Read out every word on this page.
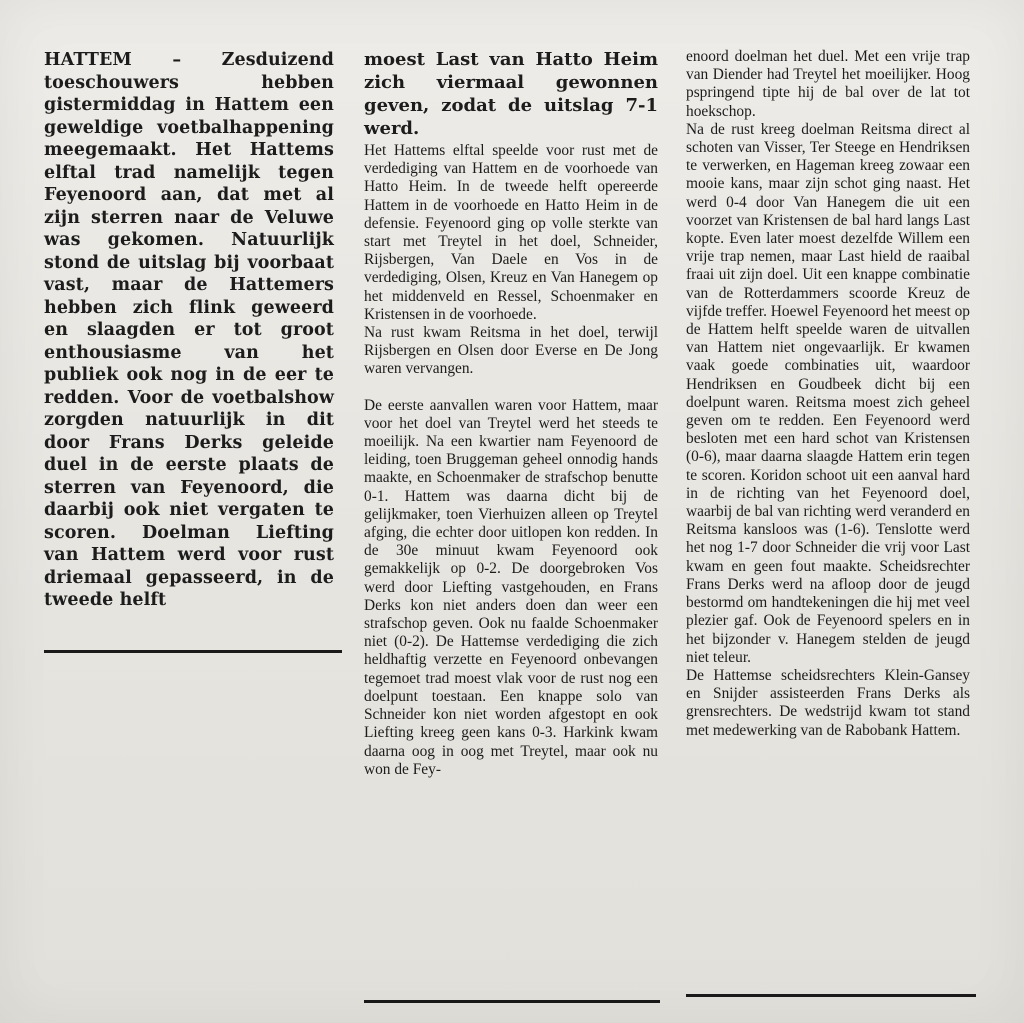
HATTEM – Zesduizend toeschouwers hebben gistermiddag in Hattem een geweldige voetbalhappening meegemaakt. Het Hattems elftal trad namelijk tegen Feyenoord aan, dat met al zijn sterren naar de Veluwe was gekomen. Natuurlijk stond de uitslag bij voorbaat vast, maar de Hattemers hebben zich flink geweerd en slaagden er tot groot enthousiasme van het publiek ook nog in de eer te redden. Voor de voetbalshow zorgden natuurlijk in dit door Frans Derks geleide duel in de eerste plaats de sterren van Feyenoord, die daarbij ook niet vergaten te scoren. Doelman Liefting van Hattem werd voor rust driemaal gepasseerd, in de tweede helft
moest Last van Hatto Heim zich viermaal gewonnen geven, zodat de uitslag 7-1 werd.

Het Hattems elftal speelde voor rust met de verdediging van Hattem en de voorhoede van Hatto Heim. In de tweede helft opereerde Hattem in de voorhoede en Hatto Heim in de defensie. Feyenoord ging op volle sterkte van start met Treytel in het doel, Schneider, Rijsbergen, Van Daele en Vos in de verdediging, Olsen, Kreuz en Van Hanegem op het middenveld en Ressel, Schoenmaker en Kristensen in de voorhoede.

Na rust kwam Reitsma in het doel, terwijl Rijsbergen en Olsen door Everse en De Jong waren vervangen.

De eerste aanvallen waren voor Hattem, maar voor het doel van Treytel werd het steeds te moeilijk. Na een kwartier nam Feyenoord de leiding, toen Bruggeman geheel onnodig hands maakte, en Schoenmaker de strafschop benutte 0-1. Hattem was daarna dicht bij de gelijkmaker, toen Vierhuizen alleen op Treytel afging, die echter door uitlopen kon redden. In de 30e minuut kwam Feyenoord ook gemakkelijk op 0-2. De doorgebroken Vos werd door Liefting vastgehouden, en Frans Derks kon niet anders doen dan weer een strafschop geven. Ook nu faalde Schoenmaker niet (0-2). De Hattemse verdediging die zich heldhaftig verzette en Feyenoord onbevangen tegemoet trad moest vlak voor de rust nog een doelpunt toestaan. Een knappe solo van Schneider kon niet worden afgestopt en ook Liefting kreeg geen kans 0-3. Harkink kwam daarna oog in oog met Treytel, maar ook nu won de Fey-

enoord doelman het duel. Met een vrije trap van Diender had Treytel het moeilijker. Hoog pspringend tipte hij de bal over de lat tot hoekschop.

Na de rust kreeg doelman Reitsma direct al schoten van Visser, Ter Steege en Hendriksen te verwerken, en Hageman kreeg zowaar een mooie kans, maar zijn schot ging naast. Het werd 0-4 door Van Hanegem die uit een voorzet van Kristensen de bal hard langs Last kopte. Even later moest dezelfde Willem een vrije trap nemen, maar Last hield de raaibal fraai uit zijn doel. Uit een knappe combinatie van de Rotterdammers scoorde Kreuz de vijfde treffer. Hoewel Feyenoord het meest op de Hattem helft speelde waren de uitvallen van Hattem niet ongevaarlijk. Er kwamen vaak goede combinaties uit, waardoor Hendriksen en Goudbeek dicht bij een doelpunt waren. Reitsma moest zich geheel geven om te redden. Een Feyenoord werd besloten met een hard schot van Kristensen (0-6), maar daarna slaagde Hattem erin tegen te scoren. Koridon schoot uit een aanval hard in de richting van het Feyenoord doel, waarbij de bal van richting werd veranderd en Reitsma kansloos was (1-6). Tenslotte werd het nog 1-7 door Schneider die vrij voor Last kwam en geen fout maakte. Scheidsrechter Frans Derks werd na afloop door de jeugd bestormd om handtekeningen die hij met veel plezier gaf. Ook de Feyenoord spelers en in het bijzonder v. Hanegem stelden de jeugd niet teleur.

De Hattemse scheidsrechters Klein-Gansey en Snijder assisteerden Frans Derks als grensrechters. De wedstrijd kwam tot stand met medewerking van de Rabobank Hattem.
